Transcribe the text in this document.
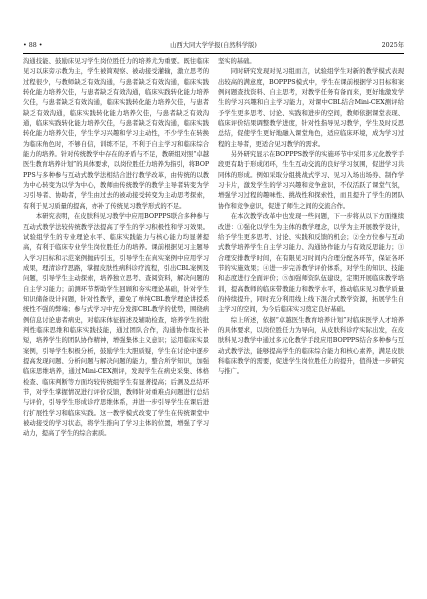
• 88 •	山西大同大学学报(自然科学版)	2025年

沟通技能、鼓励床见习学生岗位胜任力的培养尤为重要。既往临床见习以床旁示教为主，学生被简观察、被动接受灌输，激立思考的过程很少，与教师缺乏有效沟通，与患者缺乏有效沟通，临床实践转化能力培养欠佳，与患者缺乏有效沟通，临床实践转化能力培养欠佳，与患者缺乏有效沟通，临床实践转化能力培养欠佳，与患者缺乏有效沟通，临床实践转化能力培养欠佳，与患者缺乏有效沟通，临床实践转化能力培养欠佳，与患者缺乏有效沟通，临床实践转化能力培养欠佳，学生学习兴趣和学习主动性，不少学生在转换为临床角色时，不够自信，训练不足，不利于自主学习和临床综合能力的培养。针对传统教学中存在的矛盾与不足，教研组对照“卓越医生教育培养计划”的具体要求，以岗位胜任力培养为指引，将BOPPPS与多种参与互动式教学法相结合进行教学改革，由传统的以教为中心转变为以学为中心，教师由传统教学的教学主导者转变为学习引导者、协助者，学生由过去的被动接受转变为主动思考探索，有利于见习质量的提高，亦补了传统见习教学形式的不足。

本研究表明，在皮肤科见习教学中应用BOPPPS联合多种参与互动式教学法较传统教学法提高了学生的学习积极性和学习效果。试验组学生的专业理论水平、临床实践能力与核心能力均显著提高，有利于临床专业学生岗位胜任力的培养。课前根据见习主题导入学习目标和示范案例抛砖引玉，引导学生在真实案例中应用学习成果，理清诊疗思路，掌握皮肤性病科诊疗流程，引出CBL案例及问题，引导学生主动探索，培养独立思考、查阅资料，解决问题的自主学习能力；前测环节帮助学生回顾和夯实理论基础，针对学生知识储备设计问题，针对性教学，避免了单纯CBL教学理论讲授系统性不强的弊端；参与式学习中充分发挥CBL教学的优势，围绕病例信息讨论患者病史，对临床体征描述及辅助检查，培养学生的批判性临床思维和临床实践技能，通过团队合作，沟通协作取长补短，培养学生的团队协作精神，增强集体主义意识；运用临床实景案例，引导学生积极分析，鼓励学生大胆质疑，学生在讨论中逐步提高发现问题、分析问题与解决问题的能力，整合所学知识，加强临床思维培养，通过Mini-CEX测评，发现学生在病史采集、体格检查、临床判断等方面均较传统组学生有显著提高；后测及总结环节，对学生掌握情况进行评价反馈，教师针对重难点问题进行总结与评价，引导学生形成诊疗思维体系，并进一步引导学生在课后进行扩展性学习和临床实践。这一教学模式改变了学生在传统课堂中被动接受的学习状态，将学生推向了学习主体的位置，增强了学习动力，提高了学生的综合素质。

坚实的基础。

同时研究发现对见习组而言，试验组学生对新的教学模式表现出较高的满意度，BOPPPS模式中，学生在课前根据学习目标和案例问题查找资料、自主思考，对教学任务有备而来，更好地激发学生的学习兴趣和自主学习能力，对课中CBL结合Mini-CEX测评给予学生更多思考、讨论、实践和进步的空间，教师依据课堂表现、临床评价结果调整教学进度，针对性指导见习教学，学生及时反思总结，促使学生更好地融入课堂角色，适应临床环境，成为学习过程的主导者，更适合见习教学的需求。

另外研究显示在BOPPPS教学的实施环节中采用多元化教学手段更有助于形成闭环，生生互动交流的良好学习氛围，促进学习共同体的形成。例如采取分组挑战式学习、见习入场出场券、制作学习卡片，激发学生的学习兴趣和竞争意识，不仅活跃了课堂气氛，增强学习过程的趣味性、挑战性和探索性，而且提升了学生的团队协作和竞争意识，促进了师生之间的交流合作。

在本次教学改革中也发现一些问题，下一步将从以下方面继续改进：①强化以学生为主体的教学理念，以学为主开展教学设计，给予学生更多思考、讨论、实践和反馈的机会；②全方位参与互动式教学培养学生自主学习能力、沟通协作能力与有效反思能力；③合理安排教学时间，在有限见习时间内合理分配各环节，保证各环节的实施效果；④进一步完善教学评价体系，对学生的知识、技能和态度进行全面评价；⑤加强师资队伍建设，定期开展临床教学培训，提高教师的临床带教能力和教学水平，推动临床见习教学质量的持续提升，同时充分利用线上线下混合式教学资源，拓展学生自主学习的空间，为今后临床实习奠定良好基础。

综上所述，依据“卓越医生教育培养计划”对临床医学人才培养的具体要求，以岗位胜任力为导向，从皮肤科诊疗实际出发，在皮肤科见习教学中通过多元化教学手段应用BOPPPS结合多种参与互动式教学法，能够提高学生的临床综合能力和核心素养，满足皮肤科临床教学的需要，促进学生岗位胜任力的提升，值得进一步研究与推广。
